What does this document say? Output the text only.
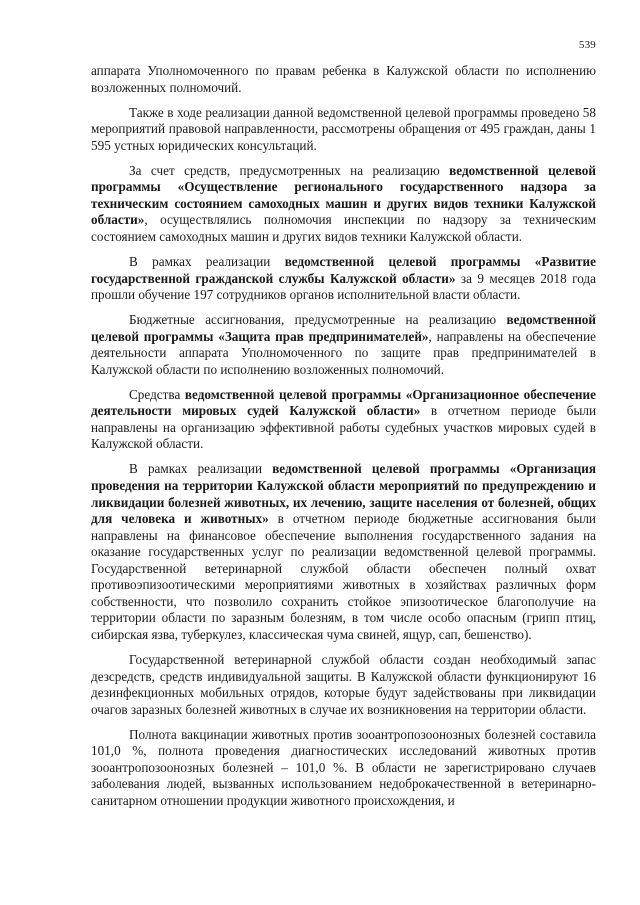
539

аппарата Уполномоченного по правам ребенка в Калужской области по исполнению возложенных полномочий.

Также в ходе реализации данной ведомственной целевой программы проведено 58 мероприятий правовой направленности, рассмотрены обращения от 495 граждан, даны 1 595 устных юридических консультаций.

За счет средств, предусмотренных на реализацию ведомственной целевой программы «Осуществление регионального государственного надзора за техническим состоянием самоходных машин и других видов техники Калужской области», осуществлялись полномочия инспекции по надзору за техническим состоянием самоходных машин и других видов техники Калужской области.

В рамках реализации ведомственной целевой программы «Развитие государственной гражданской службы Калужской области» за 9 месяцев 2018 года прошли обучение 197 сотрудников органов исполнительной власти области.

Бюджетные ассигнования, предусмотренные на реализацию ведомственной целевой программы «Защита прав предпринимателей», направлены на обеспечение деятельности аппарата Уполномоченного по защите прав предпринимателей в Калужской области по исполнению возложенных полномочий.

Средства ведомственной целевой программы «Организационное обеспечение деятельности мировых судей Калужской области» в отчетном периоде были направлены на организацию эффективной работы судебных участков мировых судей в Калужской области.

В рамках реализации ведомственной целевой программы «Организация проведения на территории Калужской области мероприятий по предупреждению и ликвидации болезней животных, их лечению, защите населения от болезней, общих для человека и животных» в отчетном периоде бюджетные ассигнования были направлены на финансовое обеспечение выполнения государственного задания на оказание государственных услуг по реализации ведомственной целевой программы. Государственной ветеринарной службой области обеспечен полный охват противоэпизоотическими мероприятиями животных в хозяйствах различных форм собственности, что позволило сохранить стойкое эпизоотическое благополучие на территории области по заразным болезням, в том числе особо опасным (грипп птиц, сибирская язва, туберкулез, классическая чума свиней, ящур, сап, бешенство).

Государственной ветеринарной службой области создан необходимый запас дезсредств, средств индивидуальной защиты. В Калужской области функционируют 16 дезинфекционных мобильных отрядов, которые будут задействованы при ликвидации очагов заразных болезней животных в случае их возникновения на территории области.

Полнота вакцинации животных против зооантропозоонозных болезней составила 101,0 %, полнота проведения диагностических исследований животных против зооантропозоонозных болезней – 101,0 %. В области не зарегистрировано случаев заболевания людей, вызванных использованием недоброкачественной в ветеринарно-санитарном отношении продукции животного происхождения, и
